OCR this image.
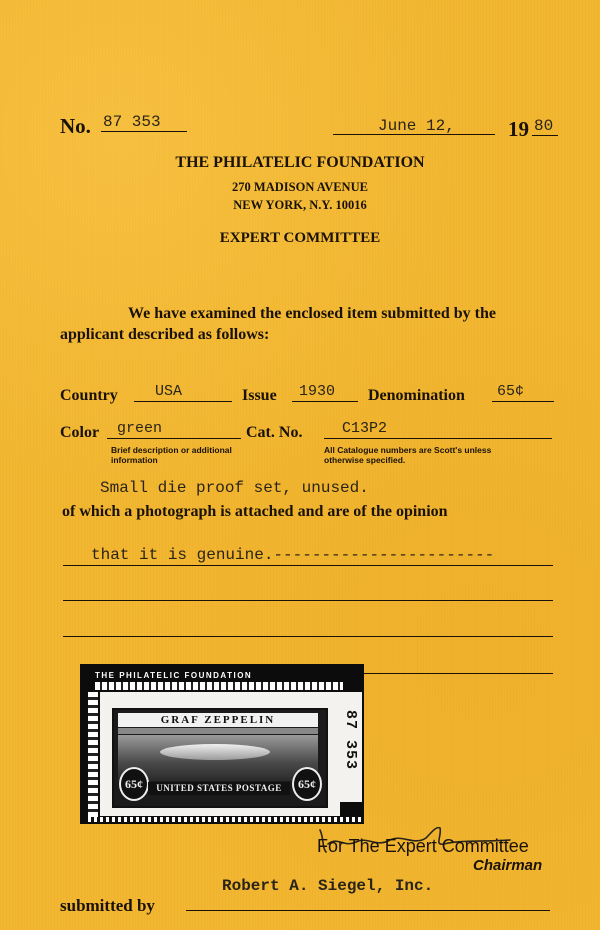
No. 87 353	June 12,	19 80
THE PHILATELIC FOUNDATION
270 MADISON AVENUE
NEW YORK, N.Y. 10016
EXPERT COMMITTEE
We have examined the enclosed item submitted by the
applicant described as follows:
Country USA	Issue 1930 Denomination 65¢
Color green	Cat. No.	C13P2
Brief description or additional
information
All Catalogue numbers are Scott's unless
otherwise specified.
Small die proof set, unused.
of which a photograph is attached and are of the opinion
that it is genuine.-----------------------
THE PHILATELIC FOUNDATION
GRAF ZEPPELIN
65¢	65¢
UNITED STATES POSTAGE
87 353
For The Expert Committee
Chairman
Robert A. Siegel, Inc.
submitted by
